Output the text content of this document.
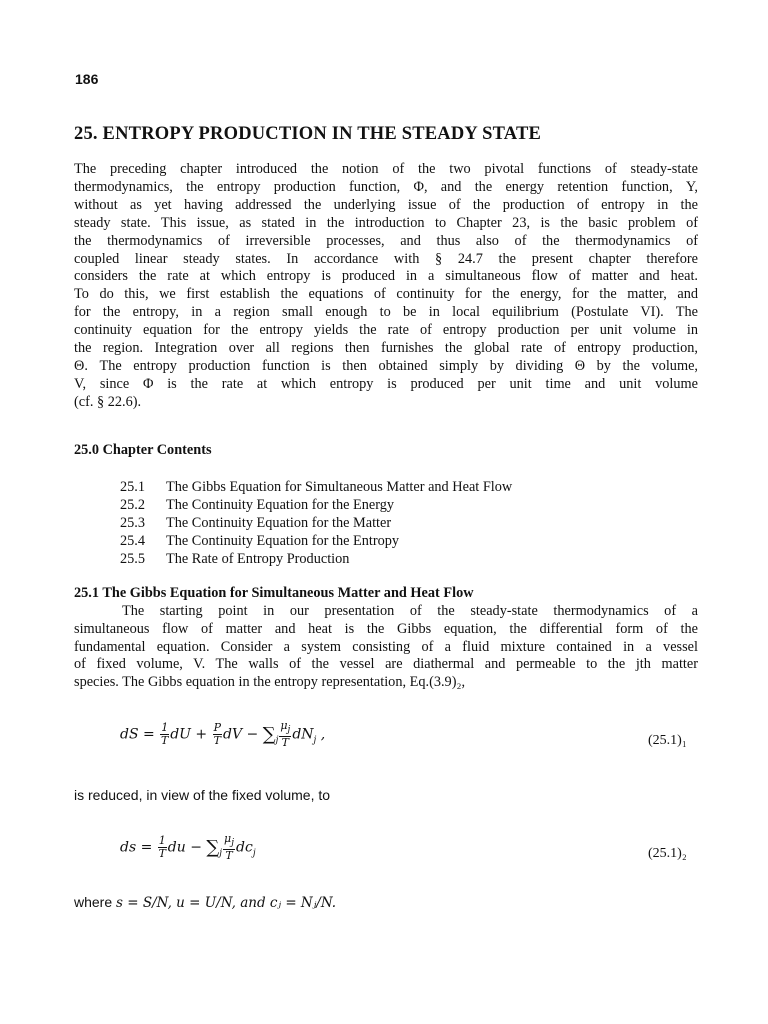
186
25. ENTROPY PRODUCTION IN THE STEADY STATE

The preceding chapter introduced the notion of the two pivotal functions of steady-state
thermodynamics, the entropy production function, Φ, and the energy retention function, Υ,
without as yet having addressed the underlying issue of the production of entropy in the
steady state. This issue, as stated in the introduction to Chapter 23, is the basic problem of
the thermodynamics of irreversible processes, and thus also of the thermodynamics of
coupled linear steady states. In accordance with § 24.7 the present chapter therefore
considers the rate at which entropy is produced in a simultaneous flow of matter and heat.
To do this, we first establish the equations of continuity for the energy, for the matter, and
for the entropy, in a region small enough to be in local equilibrium (Postulate VI). The
continuity equation for the entropy yields the rate of entropy production per unit volume in
the region. Integration over all regions then furnishes the global rate of entropy production,
Θ. The entropy production function is then obtained simply by dividing Θ by the volume,
V, since Φ is the rate at which entropy is produced per unit time and unit volume
(cf. § 22.6).

25.0 Chapter Contents
25.1 The Gibbs Equation for Simultaneous Matter and Heat Flow
25.2 The Continuity Equation for the Energy
25.3 The Continuity Equation for the Matter
25.4 The Continuity Equation for the Entropy
25.5 The Rate of Entropy Production
25.1 The Gibbs Equation for Simultaneous Matter and Heat Flow

The starting point in our presentation of the steady-state thermodynamics of a
simultaneous flow of matter and heat is the Gibbs equation, the differential form of the
fundamental equation. Consider a system consisting of a fluid mixture contained in a vessel
of fixed volume, V. The walls of the vessel are diathermal and permeable to the jth matter
species. The Gibbs equation in the entropy representation, Eq.(3.9)₂,

dS = $\frac{1}{T}$ dU + $\frac{P}{T}$ dV − $\sum_j \frac{\mu_j}{T} dN_j$ ,	(25.1)₁

is reduced, in view of the fixed volume, to

ds = $\frac{1}{T}$ du − $\sum_j \frac{\mu_j}{T} dc_j$	(25.1)₂

where s = S/N, u = U/N, and cⱼ = Nⱼ/N.
